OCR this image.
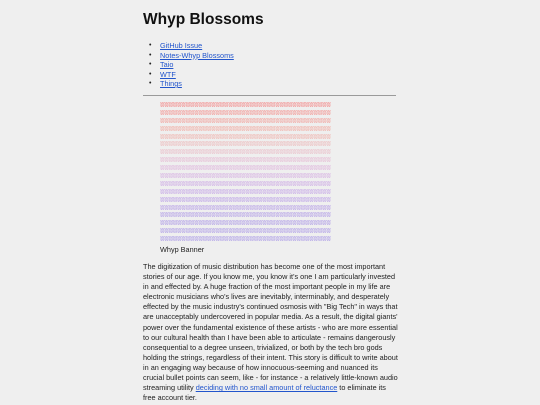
Whyp Blossoms
• GitHub Issue
• Notes-Whyp Blossoms
• Taio
• WTF
• Things
ʬʬʬʬʬʬʬʬʬʬʬʬʬʬʬʬʬʬʬʬʬʬʬʬʬʬʬʬʬʬʬʬʬʬʬʬʬʬʬʬ
ʬʬʬʬʬʬʬʬʬʬʬʬʬʬʬʬʬʬʬʬʬʬʬʬʬʬʬʬʬʬʬʬʬʬʬʬʬʬʬʬ
ʬʬʬʬʬʬʬʬʬʬʬʬʬʬʬʬʬʬʬʬʬʬʬʬʬʬʬʬʬʬʬʬʬʬʬʬʬʬʬʬ
ʬʬʬʬʬʬʬʬʬʬʬʬʬʬʬʬʬʬʬʬʬʬʬʬʬʬʬʬʬʬʬʬʬʬʬʬʬʬʬʬ
ʬʬʬʬʬʬʬʬʬʬʬʬʬʬʬʬʬʬʬʬʬʬʬʬʬʬʬʬʬʬʬʬʬʬʬʬʬʬʬʬ
ʬʬʬʬʬʬʬʬʬʬʬʬʬʬʬʬʬʬʬʬʬʬʬʬʬʬʬʬʬʬʬʬʬʬʬʬʬʬʬʬ
ʬʬʬʬʬʬʬʬʬʬʬʬʬʬʬʬʬʬʬʬʬʬʬʬʬʬʬʬʬʬʬʬʬʬʬʬʬʬʬʬ
ʬʬʬʬʬʬʬʬʬʬʬʬʬʬʬʬʬʬʬʬʬʬʬʬʬʬʬʬʬʬʬʬʬʬʬʬʬʬʬʬ
ʬʬʬʬʬʬʬʬʬʬʬʬʬʬʬʬʬʬʬʬʬʬʬʬʬʬʬʬʬʬʬʬʬʬʬʬʬʬʬʬ
ʬʬʬʬʬʬʬʬʬʬʬʬʬʬʬʬʬʬʬʬʬʬʬʬʬʬʬʬʬʬʬʬʬʬʬʬʬʬʬʬ
ʬʬʬʬʬʬʬʬʬʬʬʬʬʬʬʬʬʬʬʬʬʬʬʬʬʬʬʬʬʬʬʬʬʬʬʬʬʬʬʬ
ʬʬʬʬʬʬʬʬʬʬʬʬʬʬʬʬʬʬʬʬʬʬʬʬʬʬʬʬʬʬʬʬʬʬʬʬʬʬʬʬ
ʬʬʬʬʬʬʬʬʬʬʬʬʬʬʬʬʬʬʬʬʬʬʬʬʬʬʬʬʬʬʬʬʬʬʬʬʬʬʬʬ
ʬʬʬʬʬʬʬʬʬʬʬʬʬʬʬʬʬʬʬʬʬʬʬʬʬʬʬʬʬʬʬʬʬʬʬʬʬʬʬʬ
ʬʬʬʬʬʬʬʬʬʬʬʬʬʬʬʬʬʬʬʬʬʬʬʬʬʬʬʬʬʬʬʬʬʬʬʬʬʬʬʬ
ʬʬʬʬʬʬʬʬʬʬʬʬʬʬʬʬʬʬʬʬʬʬʬʬʬʬʬʬʬʬʬʬʬʬʬʬʬʬʬʬ
ʬʬʬʬʬʬʬʬʬʬʬʬʬʬʬʬʬʬʬʬʬʬʬʬʬʬʬʬʬʬʬʬʬʬʬʬʬʬʬʬ
ʬʬʬʬʬʬʬʬʬʬʬʬʬʬʬʬʬʬʬʬʬʬʬʬʬʬʬʬʬʬʬʬʬʬʬʬʬʬʬʬ
Whyp Banner

The digitization of music distribution has become one of the most important stories of our age. If you know me, you know it's one I am particularly invested in and effected by. A huge fraction of the most important people in my life are electronic musicians who's lives are inevitably, interminably, and desperately effected by the music industry's continued osmosis with "Big Tech" in ways that are unacceptably undercovered in popular media. As a result, the digital giants' power over the fundamental existence of these artists - who are more essential to our cultural health than I have been able to articulate - remains dangerously consequential to a degree unseen, trivialized, or both by the tech bro gods holding the strings, regardless of their intent. This story is difficult to write about in an engaging way because of how innocuous-seeming and nuanced its crucial bullet points can seem, like - for instance - a relatively little-known audio streaming utility deciding with no small amount of reluctance to eliminate its free account tier.
